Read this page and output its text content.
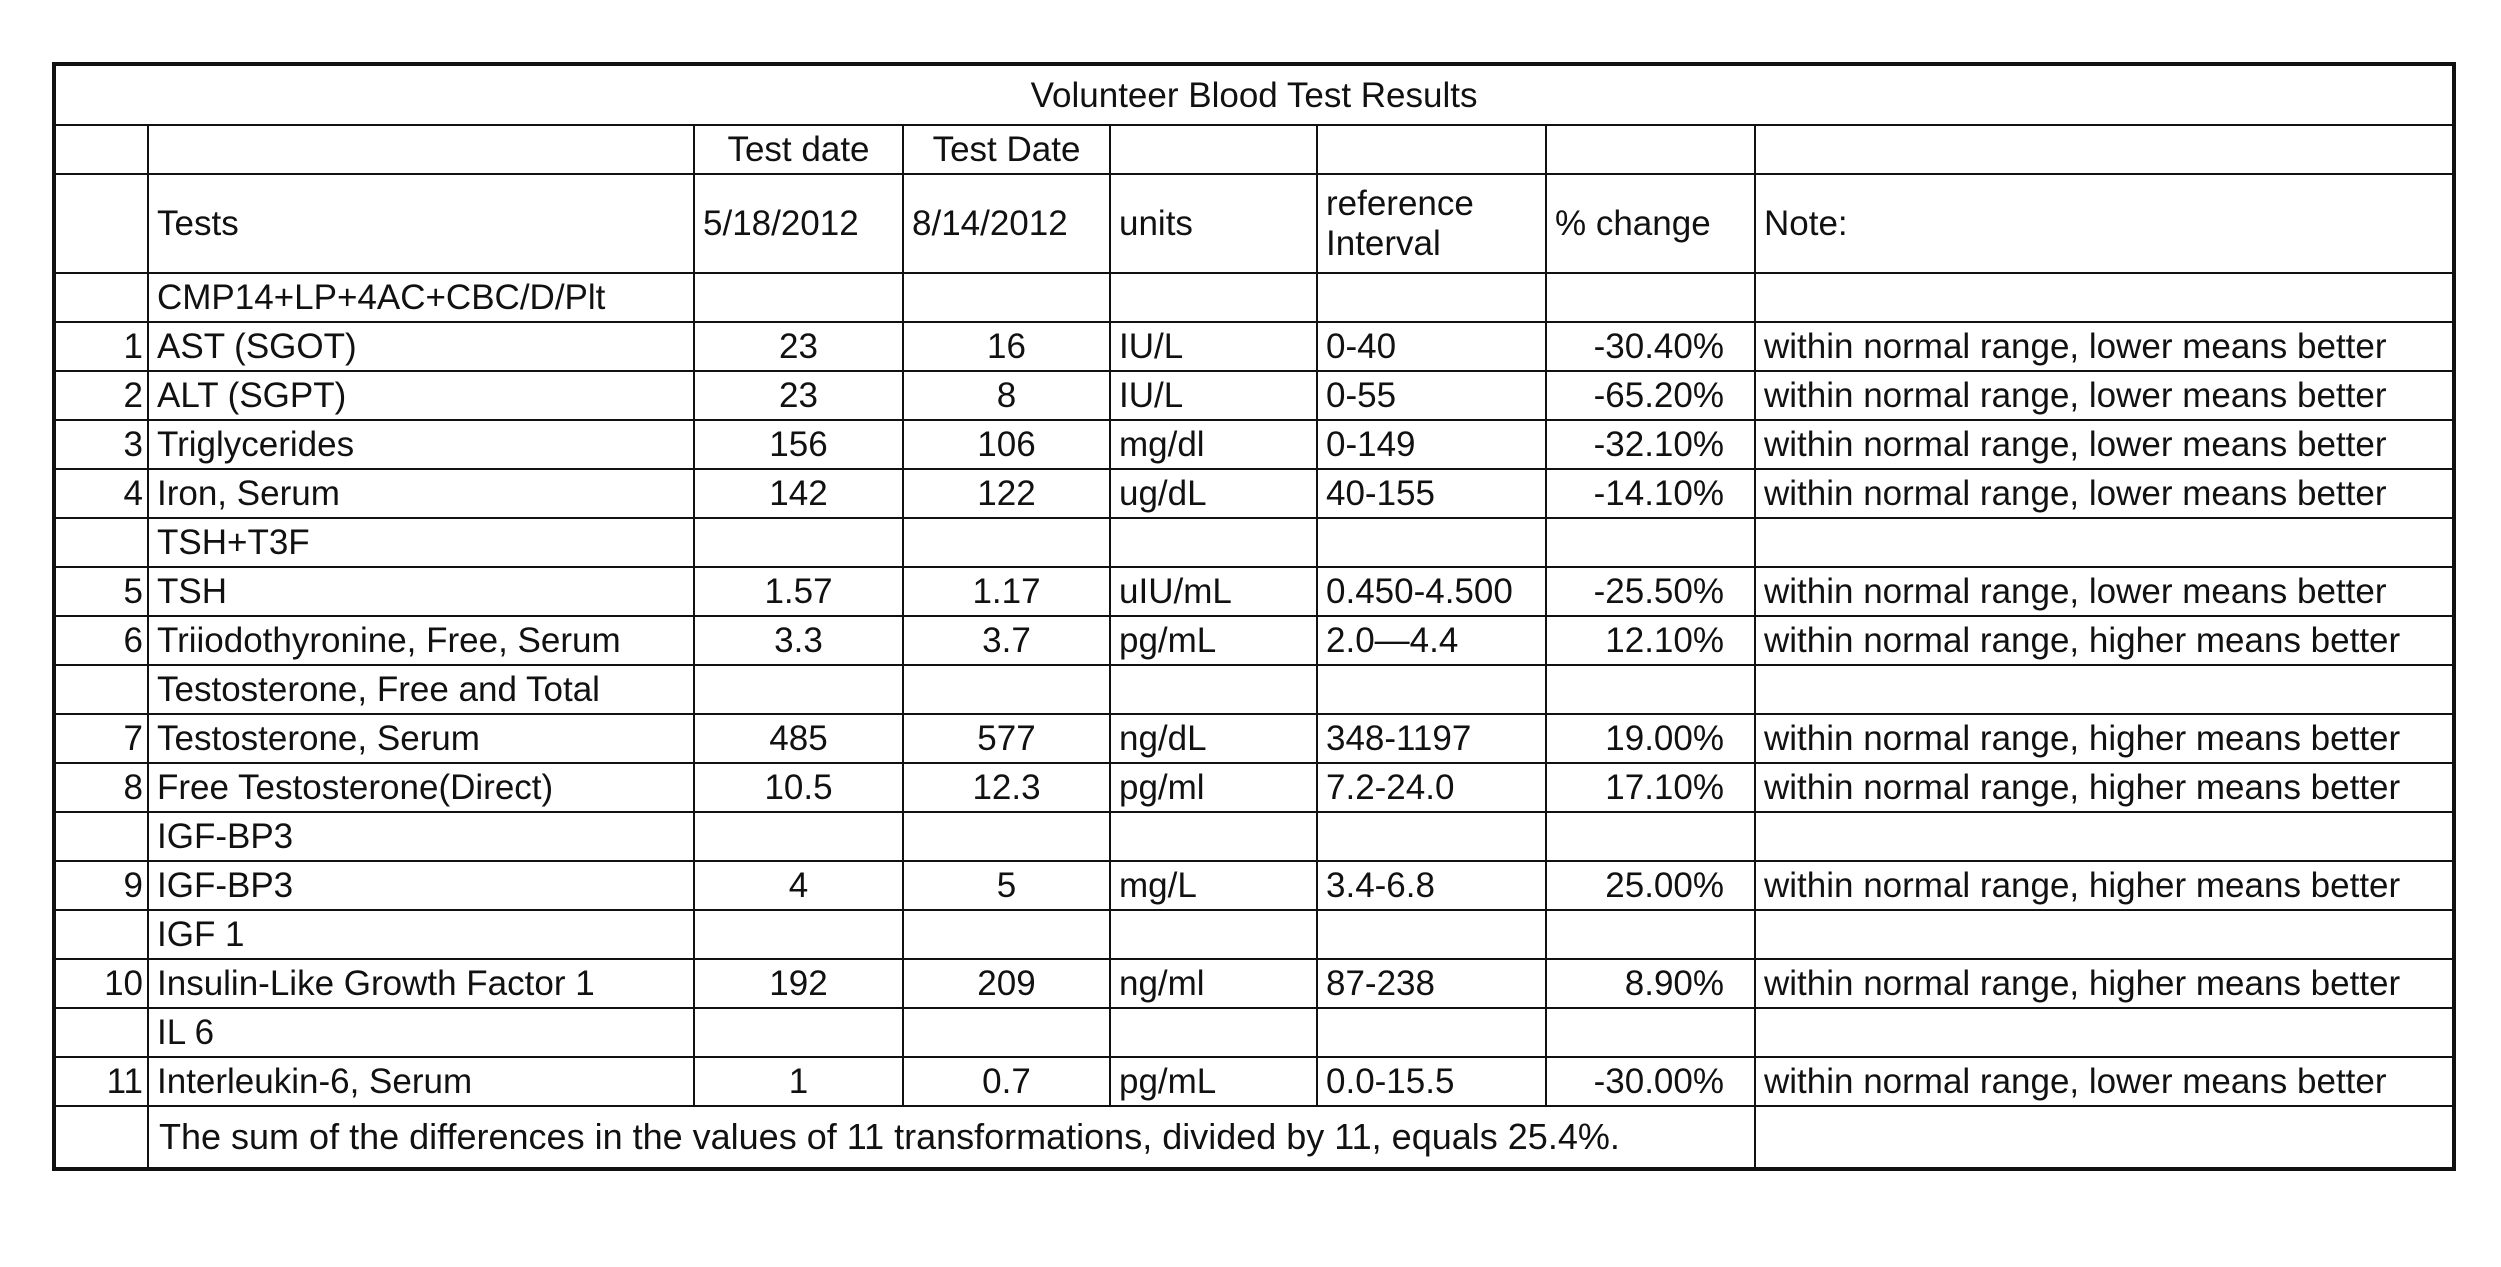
Volunteer Blood Test Results							
		Test date	Test Date				
	Tests	5/18/2012	8/14/2012	units	reference Interval	% change	Note:
	CMP14+LP+4AC+CBC/D/Plt						
1	AST (SGOT)	23	16	IU/L	0-40	-30.40%	within normal range, lower means better
2	ALT (SGPT)	23	8	IU/L	0-55	-65.20%	within normal range, lower means better
3	Triglycerides	156	106	mg/dl	0-149	-32.10%	within normal range, lower means better
4	Iron, Serum	142	122	ug/dL	40-155	-14.10%	within normal range, lower means better
	TSH+T3F						
5	TSH	1.57	1.17	uIU/mL	0.450-4.500	-25.50%	within normal range, lower means better
6	Triiodothyronine, Free, Serum	3.3	3.7	pg/mL	2.0—4.4	12.10%	within normal range, higher means better
	Testosterone, Free and Total						
7	Testosterone, Serum	485	577	ng/dL	348-1197	19.00%	within normal range, higher means better
8	Free Testosterone(Direct)	10.5	12.3	pg/ml	7.2-24.0	17.10%	within normal range, higher means better
	IGF-BP3						
9	IGF-BP3	4	5	mg/L	3.4-6.8	25.00%	within normal range, higher means better
	IGF 1						
10	Insulin-Like Growth Factor 1	192	209	ng/ml	87-238	8.90%	within normal range, higher means better
	IL 6						
11	Interleukin-6, Serum	1	0.7	pg/mL	0.0-15.5	-30.00%	within normal range, lower means better
	The sum of the differences in the values of 11 transformations, divided by 11, equals 25.4%.						
